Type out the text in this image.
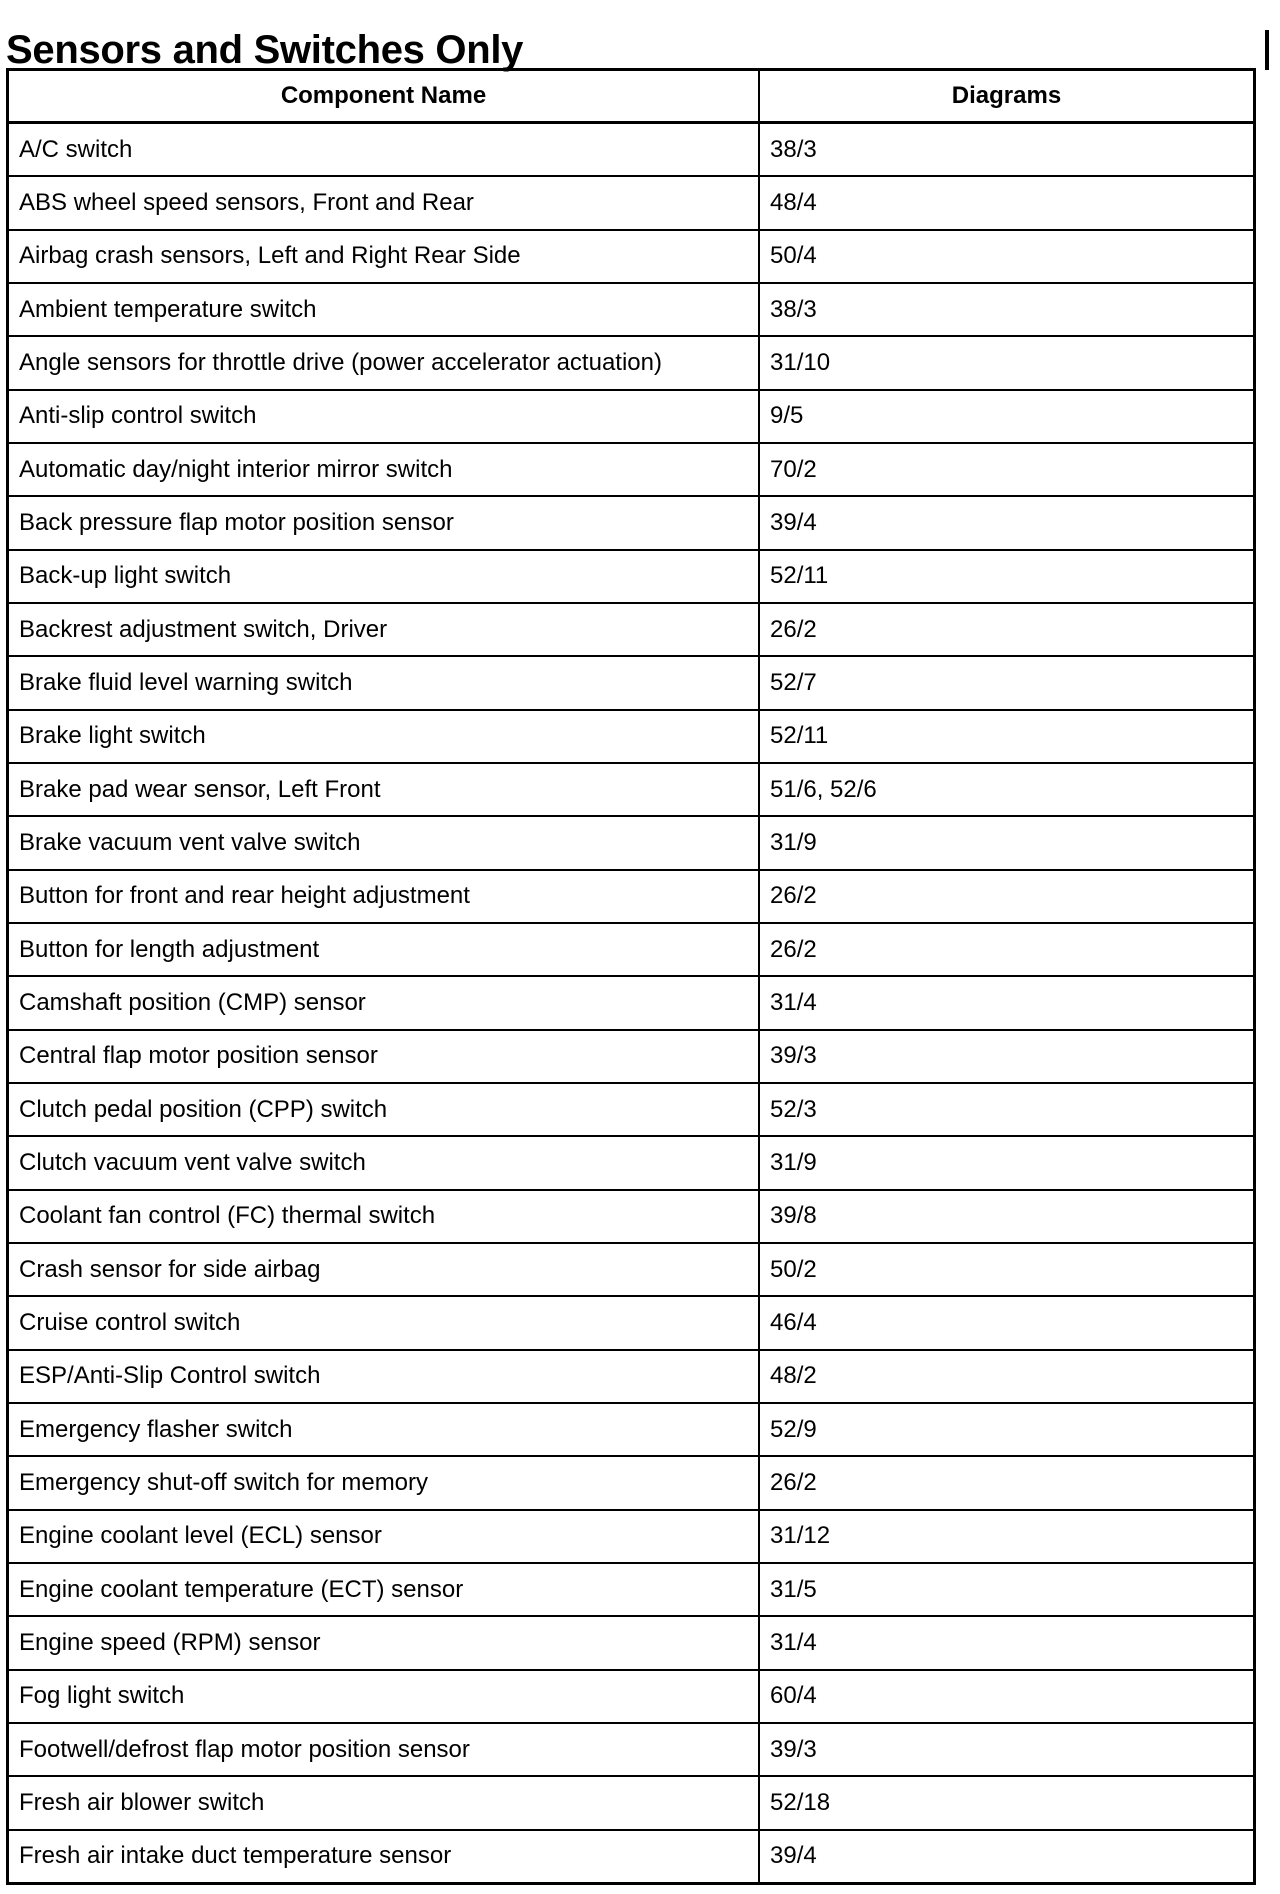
Sensors and Switches Only
Component Name	Diagrams
A/C switch	38/3
ABS wheel speed sensors, Front and Rear	48/4
Airbag crash sensors, Left and Right Rear Side	50/4
Ambient temperature switch	38/3
Angle sensors for throttle drive (power accelerator actuation)	31/10
Anti-slip control switch	9/5
Automatic day/night interior mirror switch	70/2
Back pressure flap motor position sensor	39/4
Back-up light switch	52/11
Backrest adjustment switch, Driver	26/2
Brake fluid level warning switch	52/7
Brake light switch	52/11
Brake pad wear sensor, Left Front	51/6, 52/6
Brake vacuum vent valve switch	31/9
Button for front and rear height adjustment	26/2
Button for length adjustment	26/2
Camshaft position (CMP) sensor	31/4
Central flap motor position sensor	39/3
Clutch pedal position (CPP) switch	52/3
Clutch vacuum vent valve switch	31/9
Coolant fan control (FC) thermal switch	39/8
Crash sensor for side airbag	50/2
Cruise control switch	46/4
ESP/Anti-Slip Control switch	48/2
Emergency flasher switch	52/9
Emergency shut-off switch for memory	26/2
Engine coolant level (ECL) sensor	31/12
Engine coolant temperature (ECT) sensor	31/5
Engine speed (RPM) sensor	31/4
Fog light switch	60/4
Footwell/defrost flap motor position sensor	39/3
Fresh air blower switch	52/18
Fresh air intake duct temperature sensor	39/4
